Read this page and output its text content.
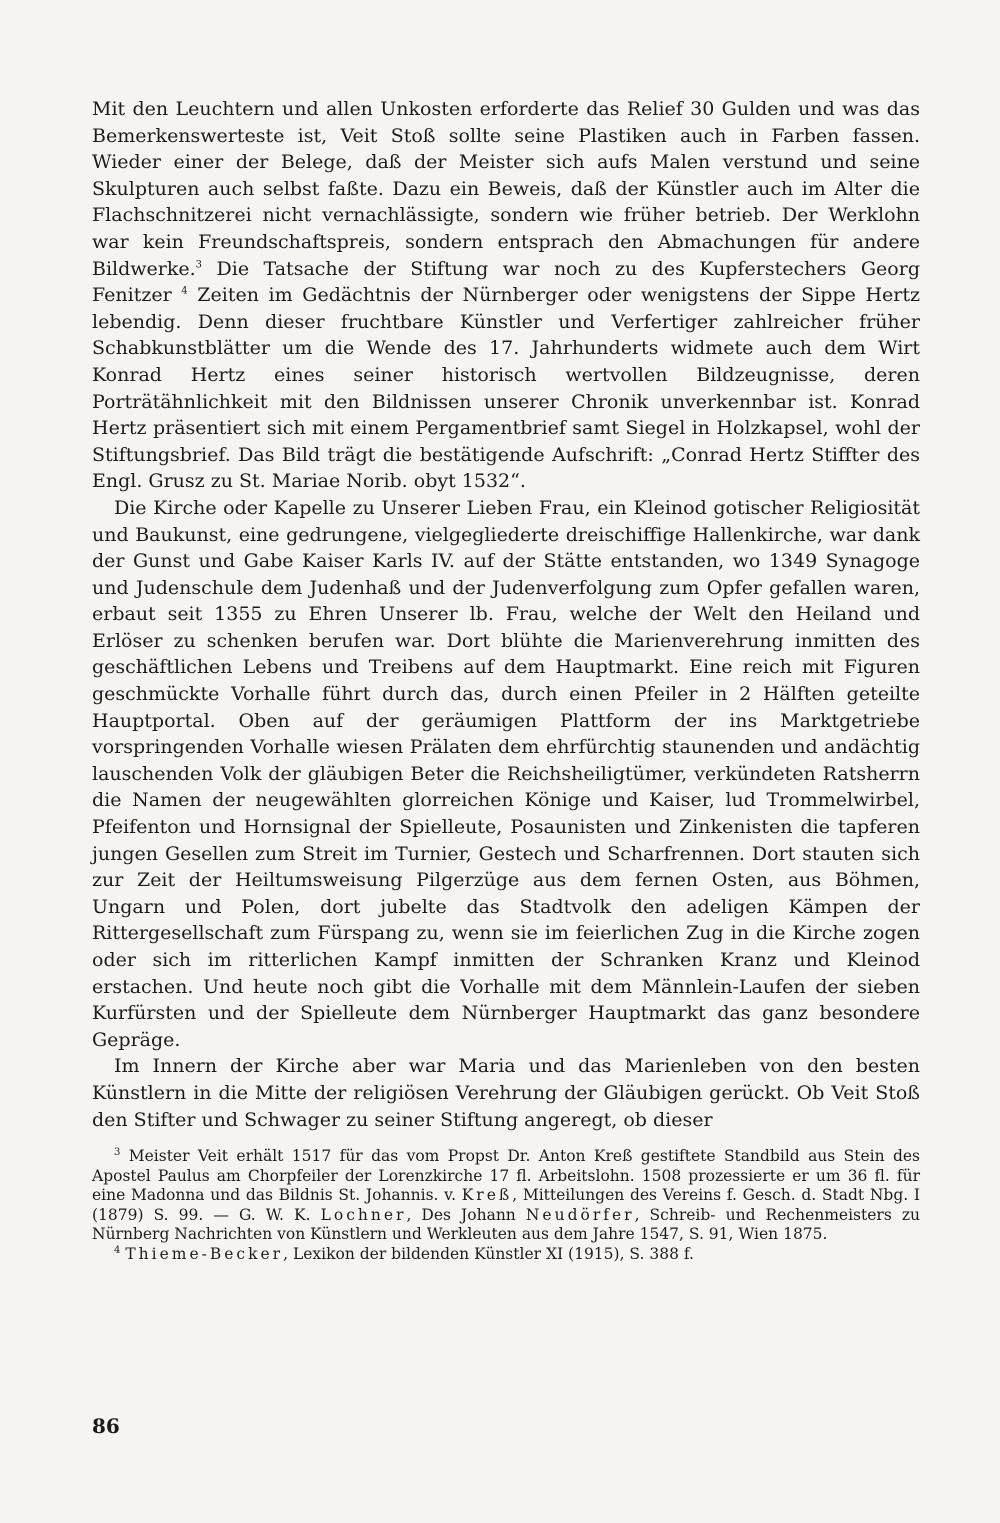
Mit den Leuchtern und allen Unkosten erforderte das Relief 30 Gulden und was das Bemerkenswerteste ist, Veit Stoß sollte seine Plastiken auch in Farben fassen. Wieder einer der Belege, daß der Meister sich aufs Malen verstund und seine Skulpturen auch selbst faßte. Dazu ein Beweis, daß der Künstler auch im Alter die Flachschnitzerei nicht vernachlässigte, sondern wie früher betrieb. Der Werklohn war kein Freundschaftspreis, sondern entsprach den Abmachungen für andere Bildwerke.$^3$ Die Tatsache der Stiftung war noch zu des Kupferstechers Georg Fenitzer $^4$ Zeiten im Gedächtnis der Nürnberger oder wenigstens der Sippe Hertz lebendig. Denn dieser fruchtbare Künstler und Verfertiger zahlreicher früher Schabkunstblätter um die Wende des 17. Jahrhunderts widmete auch dem Wirt Konrad Hertz eines seiner historisch wertvollen Bildzeugnisse, deren Porträtähnlichkeit mit den Bildnissen unserer Chronik unverkennbar ist. Konrad Hertz präsentiert sich mit einem Pergamentbrief samt Siegel in Holzkapsel, wohl der Stiftungsbrief. Das Bild trägt die bestätigende Aufschrift: „Conrad Hertz Stiffter des Engl. Grusz zu St. Mariae Norib. obyt 1532“.

Die Kirche oder Kapelle zu Unserer Lieben Frau, ein Kleinod gotischer Religiosität und Baukunst, eine gedrungene, vielgegliederte dreischiffige Hallenkirche, war dank der Gunst und Gabe Kaiser Karls IV. auf der Stätte entstanden, wo 1349 Synagoge und Judenschule dem Judenhaß und der Judenverfolgung zum Opfer gefallen waren, erbaut seit 1355 zu Ehren Unserer lb. Frau, welche der Welt den Heiland und Erlöser zu schenken berufen war. Dort blühte die Marienverehrung inmitten des geschäftlichen Lebens und Treibens auf dem Hauptmarkt. Eine reich mit Figuren geschmückte Vorhalle führt durch das, durch einen Pfeiler in 2 Hälften geteilte Hauptportal. Oben auf der geräumigen Plattform der ins Marktgetriebe vorspringenden Vorhalle wiesen Prälaten dem ehrfürchtig staunenden und andächtig lauschenden Volk der gläubigen Beter die Reichsheiligtümer, verkündeten Ratsherrn die Namen der neugewählten glorreichen Könige und Kaiser, lud Trommelwirbel, Pfeifenton und Hornsignal der Spielleute, Posaunisten und Zinkenisten die tapferen jungen Gesellen zum Streit im Turnier, Gestech und Scharfrennen. Dort stauten sich zur Zeit der Heiltumsweisung Pilgerzüge aus dem fernen Osten, aus Böhmen, Ungarn und Polen, dort jubelte das Stadtvolk den adeligen Kämpen der Rittergesellschaft zum Fürspang zu, wenn sie im feierlichen Zug in die Kirche zogen oder sich im ritterlichen Kampf inmitten der Schranken Kranz und Kleinod erstachen. Und heute noch gibt die Vorhalle mit dem Männlein-Laufen der sieben Kurfürsten und der Spielleute dem Nürnberger Hauptmarkt das ganz besondere Gepräge.

Im Innern der Kirche aber war Maria und das Marienleben von den besten Künstlern in die Mitte der religiösen Verehrung der Gläubigen gerückt. Ob Veit Stoß den Stifter und Schwager zu seiner Stiftung angeregt, ob dieser

$^3$ Meister Veit erhält 1517 für das vom Propst Dr. Anton Kreß gestiftete Standbild aus Stein des Apostel Paulus am Chorpfeiler der Lorenzkirche 17 fl. Arbeitslohn. 1508 prozessierte er um 36 fl. für eine Madonna und das Bildnis St. Johannis. v. Kreß, Mitteilungen des Vereins f. Gesch. d. Stadt Nbg. I (1879) S. 99. — G. W. K. Lochner, Des Johann Neudörfer, Schreib- und Rechenmeisters zu Nürnberg Nachrichten von Künstlern und Werkleuten aus dem Jahre 1547, S. 91, Wien 1875.

$^4$ Thieme-Becker, Lexikon der bildenden Künstler XI (1915), S. 388 f.

86
